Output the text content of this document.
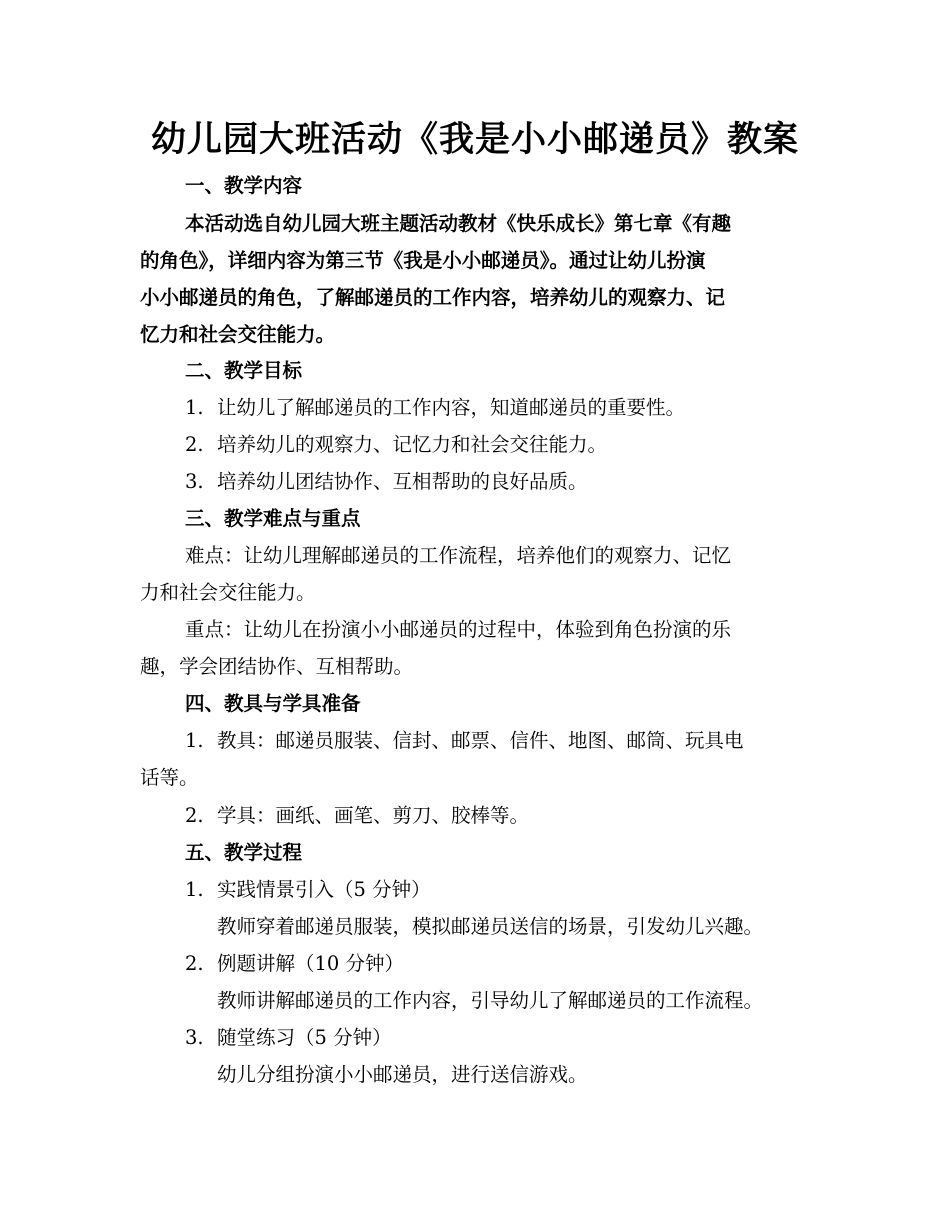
幼儿园大班活动《我是小小邮递员》教案
一、教学内容
本活动选自幼儿园大班主题活动教材《快乐成长》第七章《有趣
的角色》，详细内容为第三节《我是小小邮递员》。通过让幼儿扮演
小小邮递员的角色，了解邮递员的工作内容，培养幼儿的观察力、记
忆力和社会交往能力。
二、教学目标
1. 让幼儿了解邮递员的工作内容，知道邮递员的重要性。
2. 培养幼儿的观察力、记忆力和社会交往能力。
3. 培养幼儿团结协作、互相帮助的良好品质。
三、教学难点与重点
难点：让幼儿理解邮递员的工作流程，培养他们的观察力、记忆
力和社会交往能力。
重点：让幼儿在扮演小小邮递员的过程中，体验到角色扮演的乐
趣，学会团结协作、互相帮助。
四、教具与学具准备
1. 教具：邮递员服装、信封、邮票、信件、地图、邮筒、玩具电
话等。
2. 学具：画纸、画笔、剪刀、胶棒等。
五、教学过程
1. 实践情景引入（5 分钟）
教师穿着邮递员服装，模拟邮递员送信的场景，引发幼儿兴趣。
2. 例题讲解（10 分钟）
教师讲解邮递员的工作内容，引导幼儿了解邮递员的工作流程。
3. 随堂练习（5 分钟）
幼儿分组扮演小小邮递员，进行送信游戏。
